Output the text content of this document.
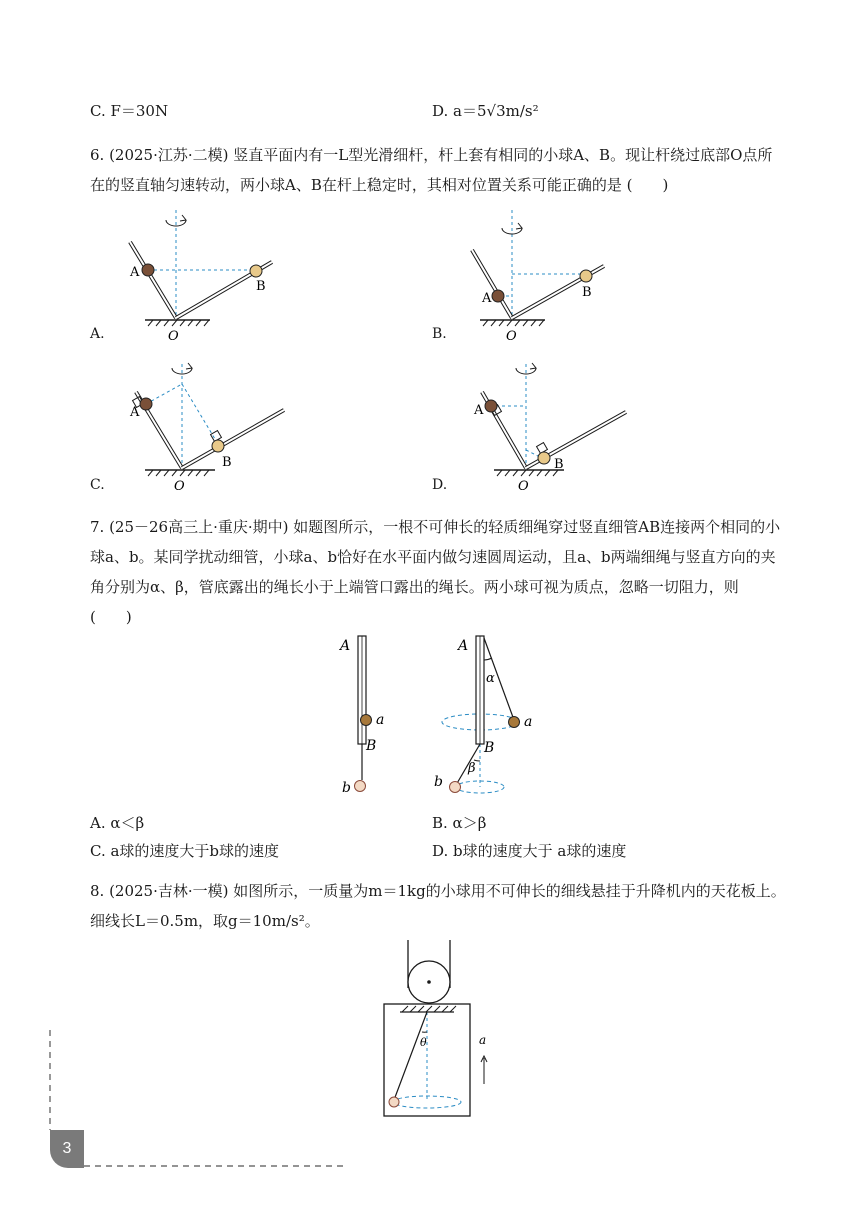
C. F＝30N	D. a＝5√3m/s²
6. (2025·江苏·二模) 竖直平面内有一L型光滑细杆，杆上套有相同的小球A、B。现让杆绕过底部O点所
在的竖直轴匀速转动，两小球A、B在杆上稳定时，其相对位置关系可能正确的是 (　　)
A
B
O
A.
A	B
O
B.
A
B
O
C.
A
B
O
D.
7. (25－26高三上·重庆·期中) 如题图所示，一根不可伸长的轻质细绳穿过竖直细管AB连接两个相同的小
球a、b。某同学扰动细管，小球a、b恰好在水平面内做匀速圆周运动，且a、b两端细绳与竖直方向的夹
角分别为α、β，管底露出的绳长小于上端管口露出的绳长。两小球可视为质点，忽略一切阻力，则
(　　)
A
a
B
b
A
α
a
B
β
b
A. α＜β	B. α＞β
C. a球的速度大于b球的速度	D. b球的速度大于 a球的速度
8. (2025·吉林·一模) 如图所示，一质量为m＝1kg的小球用不可伸长的细线悬挂于升降机内的天花板上。
细线长L＝0.5m，取g＝10m/s²。
θ	a
3
